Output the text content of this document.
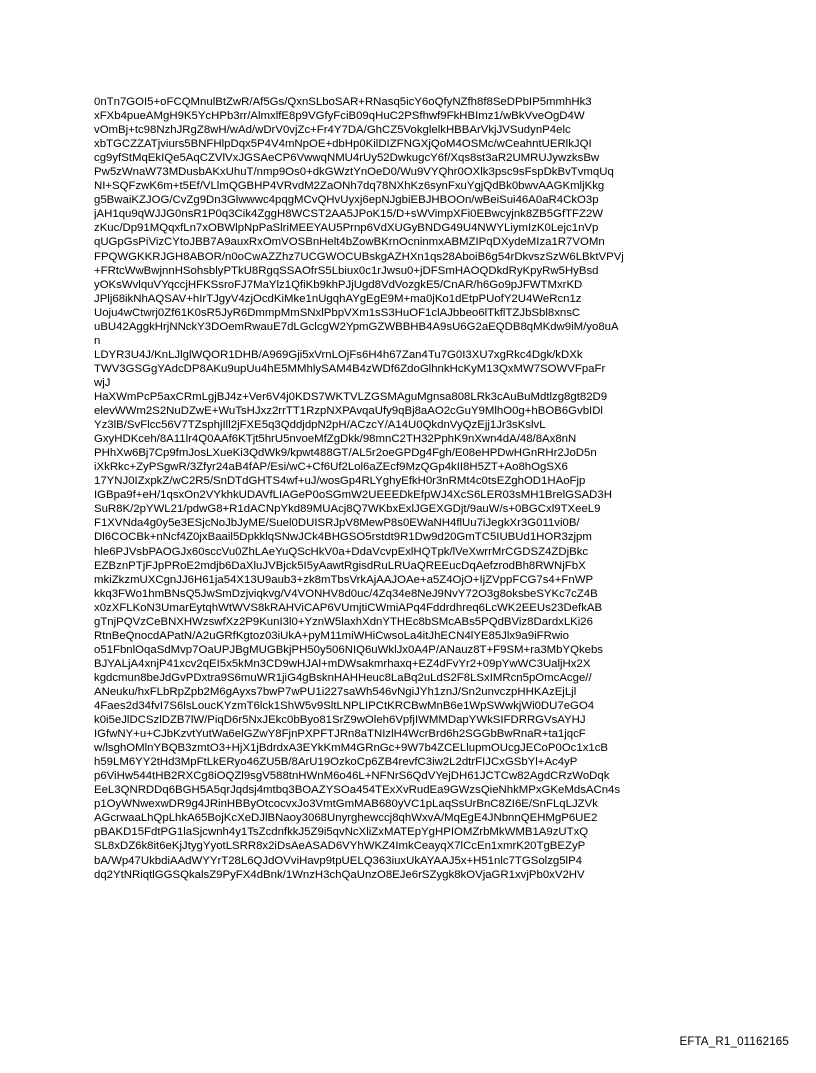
0nTn7GOI5+oFCQMnulBtZwR/Af5Gs/QxnSLboSAR+RNasq5icY6oQfyNZfh8f8SeDPbIP5mmhHk3
xFXb4pueAMgH9K5YcHPb3rr/AlmxlfE8p9VGfyFciB09qHuC2PSfhwf9FkHBImz1/wBkVveOgD4W
vOmBj+tc98NzhJRgZ8wH/wAd/wDrV0vjZc+Fr4Y7DA/GhCZ5VokglelkHBBArVkjJVSudynP4elc
xbTGCZZATjviurs5BNFHlpDqx5P4V4mNpOE+dbHp0KilDIZFNGXjQoM4OSMc/wCeahntUERlkJQI
cg9yfStMqEkIQe5AqCZVlVxJGSAeCP6VwwqNMU4rUy52DwkugcY6f/Xqs8st3aR2UMRUJywzksBw
Pw5zWnaW73MDusbAKxUhuT/nmp9Os0+dkGWztYnOeD0/Wu9VYQhr0OXlk3psc9sFspDkBvTvmqUq
NI+SQFzwK6m+t5Ef/VLlmQGBHP4VRvdM2ZaONh7dq78NXhKz6synFxuYgjQdBk0bwvAAGKmljKkg
g5BwaiKZJOG/CvZg9Dn3Glwwwc4pqgMCvQHvUyxj6epNJgbiEBJHBOOn/wBeiSui46A0aR4CkO3p
jAH1qu9qWJJG0nsR1P0q3Cik4ZggH8WCST2AA5JPoK15/D+sWVimpXFi0EBwcyjnk8ZB5GfTFZ2W
zKuc/Dp91MQqxfLn7xOBWlpNpPaSlriMEEYAU5Prnp6VdXUGyBNDG49U4NWYLiymIzK0Lejc1nVp
qUGpGsPiVizCYtoJBB7A9auxRxOmVOSBnHelt4bZowBKrnOcninmxABMZIPqDXydeMIza1R7VOMn
FPQWGKKRJGH8ABOR/n0oCwAZZhz7UCGWOCUBskgAZHXn1qs28AboiB6g54rDkvszSzW6LBktVPVj
+FRtcWwBwjnnHSohsblyPTkU8RgqSSAOfrS5Lbiux0c1rJwsu0+jDFSmHAOQDkdRyKpyRw5HyBsd
yOKsWvlquVYqccjHFKSsroFJ7MaYlz1QfiKb9khPJjUgd8VdVozgkE5/CnAR/h6Go9pJFWTMxrKD
JPlj68ikNhAQSAV+hIrTJgyV4zjOcdKiMke1nUgqhAYgEgE9M+ma0jKo1dEtpPUofY2U4WeRcn1z
Uoju4wCtwrj0Zf61K0sR5JyR6DmmpMmSNxlPbpVXm1sS3HuOF1clAJbbeo6lTkflTZJbSbl8xnsC
uBU42AggkHrjNNckY3DOemRwauE7dLGclcgW2YpmGZWBBHB4A9sU6G2aEQDB8qMKdw9iM/yo8uA
n
LDYR3U4J/KnLJlglWQOR1DHB/A969Gji5xVrnLOjFs6H4h67Zan4Tu7G0I3XU7xgRkc4Dgk/kDXk
TWV3GSGgYAdcDP8AKu9upUu4hE5MMhlySAM4B4zWDf6ZdoGlhnkHcKyM13QxMW7SOWVFpaFr
wjJ
HaXWmPcP5axCRmLgjBJ4z+Ver6V4j0KDS7WKTVLZGSMAguMgnsa808LRk3cAuBuMdtlzg8gt82D9
elevWWm2S2NuDZwE+WuTsHJxz2rrTT1RzpNXPAvqaUfy9qBj8aAO2cGuY9MlhO0g+hBOB6GvbIDl
Yz3lB/SvFlcc56V7TZsphjIll2jFXE5q3QddjdpN2pH/ACzcY/A14U0QkdnVyQzEjj1Jr3sKslvL
GxyHDKceh/8A11lr4Q0AAf6KTjt5hrU5nvoeMfZgDkk/98mnC2TH32PphK9nXwn4dA/48/8Ax8nN
PHhXw6Bj7Cp9fmJosLXueKi3QdWk9/kpwt488GT/AL5r2oeGPDg4Fgh/E08eHPDwHGnRHr2JoD5n
iXkRkc+ZyPSgwR/3Zfyr24aB4fAP/Esi/wC+Cf6Uf2Lol6aZEcf9MzQGp4kII8H5ZT+Ao8hOgSX6
17YNJ0IZxpkZ/wC2R5/SnDTdGHTS4wf+uJ/wosGp4RLYghyEfkH0r3nRMt4c0tsEZghOD1HAoFjp
IGBpa9f+eH/1qsxOn2VYkhkUDAVfLIAGeP0oSGmW2UEEEDkEfpWJ4XcS6LER03sMH1BrelGSAD3H
SuR8K/2pYWL21/pdwG8+R1dACNpYkd89MUAcj8Q7WKbxExlJGEXGDjt/9auW/s+0BGCxl9TXeeL9
F1XVNda4g0y5e3ESjcNoJbJyME/Suel0DUISRJpV8MewP8s0EWaNH4flUu7iJegkXr3G011vi0B/
Dl6COCBk+nNcf4Z0jxBaail5DpkklqSNwJCk4BHGSO5rstdt9R1Dw9d20GmTC5IUBUd1HOR3zjpm
hle6PJVsbPAOGJx60sccVu0ZhLAeYuQScHkV0a+DdaVcvpExlHQTpk/lVeXwrrMrCGDSZ4ZDjBkc
EZBznPTjFJpPRoE2mdjb6DaXluJVBjck5I5yAawtRgisdRuLRUaQREEucDqAefzrodBh8RWNjFbX
mkiZkzmUXCgnJJ6H61ja54X13U9aub3+zk8mTbsVrkAjAAJOAe+a5Z4OjO+IjZVppFCG7s4+FnWP
kkq3FWo1hmBNsQ5JwSmDzjviqkvg/V4VONHV8d0uc/4Zq34e8NeJ9NvY72O3g8oksbeSYKc7cZ4B
x0zXFLKoN3UmarEytqhWtWVS8kRAHViCAP6VUmjtiCWmiAPq4Fddrdhreq6LcWK2EEUs23DefkAB
gTnjPQVzCeBNXHWzswfXz2P9KunI3l0+YznW5laxhXdnYTHEc8bSMcABs5PQdBViz8DardxLKi26
RtnBeQnocdAPatN/A2uGRfKgtoz03iUkA+pyM11miWHiCwsoLa4itJhECN4lYE85Jlx9a9iFRwio
o51FbnlOqaSdMvp7OaUPJBgMUGBkjPH50y506NIQ6uWklJx0A4P/ANauz8T+F9SM+ra3MbYQkebs
BJYALjA4xnjP41xcv2qEI5x5kMn3CD9wHJAl+mDWsakmrhaxq+EZ4dFvYr2+09pYwWC3UaljHx2X
kgdcmun8beJdGvPDxtra9S6muWR1jiG4gBsknHAHHeuc8LaBq2uLdS2F8LSxIMRcn5pOmcAcge//
ANeuku/hxFLbRpZpb2M6gAyxs7bwP7wPU1i227saWh546vNgiJYh1znJ/Sn2unvczpHHKAzEjLjl
4Faes2d34fvI7S6lsLoucKYzmT6lck1ShW5v9SltLNPLIPCtKRCBwMnB6e1WpSWwkjWi0DU7eGO4
k0i5eJlDCSzlDZB7lW/PiqD6r5NxJEkc0bByo81SrZ9wOleh6VpfjIWMMDapYWkSIFDRRGVsAYHJ
IGfwNY+u+CJbKzvtYutWa6elGZwY8FjnPXPFTJRn8aTNIzlH4WcrBrd6h2SGGbBwRnaR+ta1jqcF
w/lsghOMlnYBQB3zmtO3+HjX1jBdrdxA3EYkKmM4GRnGc+9W7b4ZCELlupmOUcgJECoP0Oc1x1cB
h59LM6YY2tHd3MpFtLkERyo46ZU5B/8ArU19OzkoCp6ZB4revfC3iw2L2dtrFIJCxGSbYl+Ac4yP
p6ViHw544tHB2RXCg8iOQZl9sgV588tnHWnM6o46L+NFNrS6QdVYejDH61JCTCw82AgdCRzWoDqk
EeL3QNRDDq6BGH5A5qrJqdsj4mtbq3BOAZYSOa454TExXvRudEa9GWzsQieNhkMPxGKeMdsACn4s
p1OyWNwexwDR9g4JRinHBByOtcocvxJo3VmtGmMAB680yVC1pLaqSsUrBnC8ZI6E/SnFLqLJZVk
AGcrwaaLhQpLhkA65BojKcXeDJlBNaoy3068Unyrghewccj8qhWxvA/MqEgE4JNbnnQEHMgP6UE2
pBAKD15FdtPG1laSjcwnh4y1TsZcdnfkkJ5Z9i5qvNcXliZxMATEpYgHPIOMZrbMkWMB1A9zUTxQ
SL8xDZ6k8it6eKjJtygYyotLSRR8x2iDsAeASAD6VYhWKZ4ImkCeayqX7lCcEn1xmrK20TgBEZyP
bA/Wp47UkbdiAAdWYYrT28L6QJdOVviHavp9tpUELQ363iuxUkAYAAJ5x+H51nlc7TGSolzg5lP4
dq2YtNRiqtlGGSQkalsZ9PyFX4dBnk/1WnzH3chQaUnzO8EJe6rSZygk8kOVjaGR1xvjPb0xV2HV
EFTA_R1_01162165
